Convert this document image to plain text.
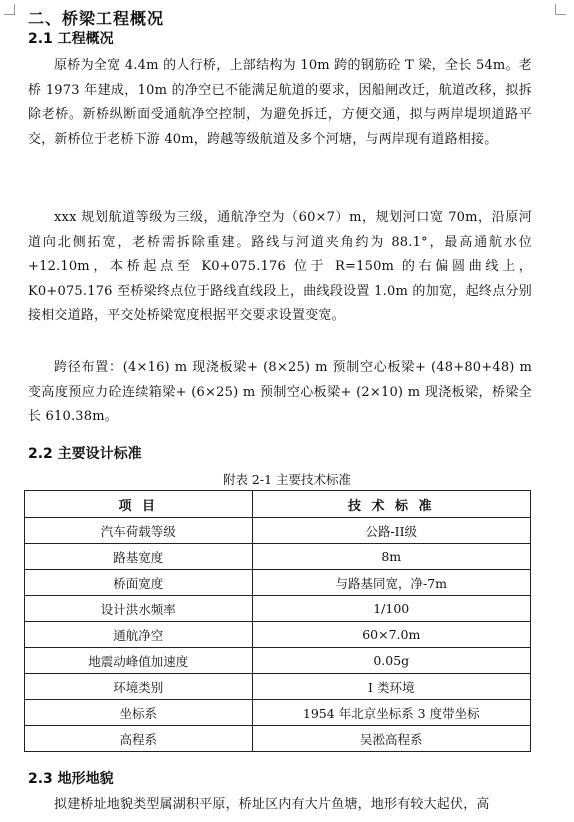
二、桥梁工程概况
2.1 工程概况
原桥为全宽 4.4m 的人行桥，上部结构为 10m 跨的钢筋砼 T 梁，全长 54m。老桥 1973 年建成，10m 的净空已不能满足航道的要求，因船闸改迁，航道改移，拟拆除老桥。新桥纵断面受通航净空控制，为避免拆迁，方便交通，拟与两岸堤坝道路平交，新桥位于老桥下游 40m，跨越等级航道及多个河塘，与两岸现有道路相接。
xxx 规划航道等级为三级，通航净空为（60×7）m，规划河口宽 70m，沿原河道向北侧拓宽，老桥需拆除重建。路线与河道夹角约为 88.1°，最高通航水位+12.10m，本桥起点至 K0+075.176 位于 R=150m 的右偏圆曲线上，K0+075.176 至桥梁终点位于路线直线段上，曲线段设置 1.0m 的加宽，起终点分别接相交道路，平交处桥梁宽度根据平交要求设置变宽。
跨径布置：(4×16) m 现浇板梁+ (8×25) m 预制空心板梁+ (48+80+48) m 变高度预应力砼连续箱梁+ (6×25) m 预制空心板梁+ (2×10) m 现浇板梁，桥梁全长 610.38m。
2.2 主要设计标准
附表 2-1 主要技术标准
项 目	技 术 标 准
汽车荷载等级	公路-II级
路基宽度	8m
桥面宽度	与路基同宽，净-7m
设计洪水频率	1/100
通航净空	60×7.0m
地震动峰值加速度	0.05g
环境类别	I 类环境
坐标系	1954 年北京坐标系 3 度带坐标
高程系	吴淞高程系
2.3 地形地貌
拟建桥址地貌类型属湖积平原，桥址区内有大片鱼塘，地形有较大起伏，高
